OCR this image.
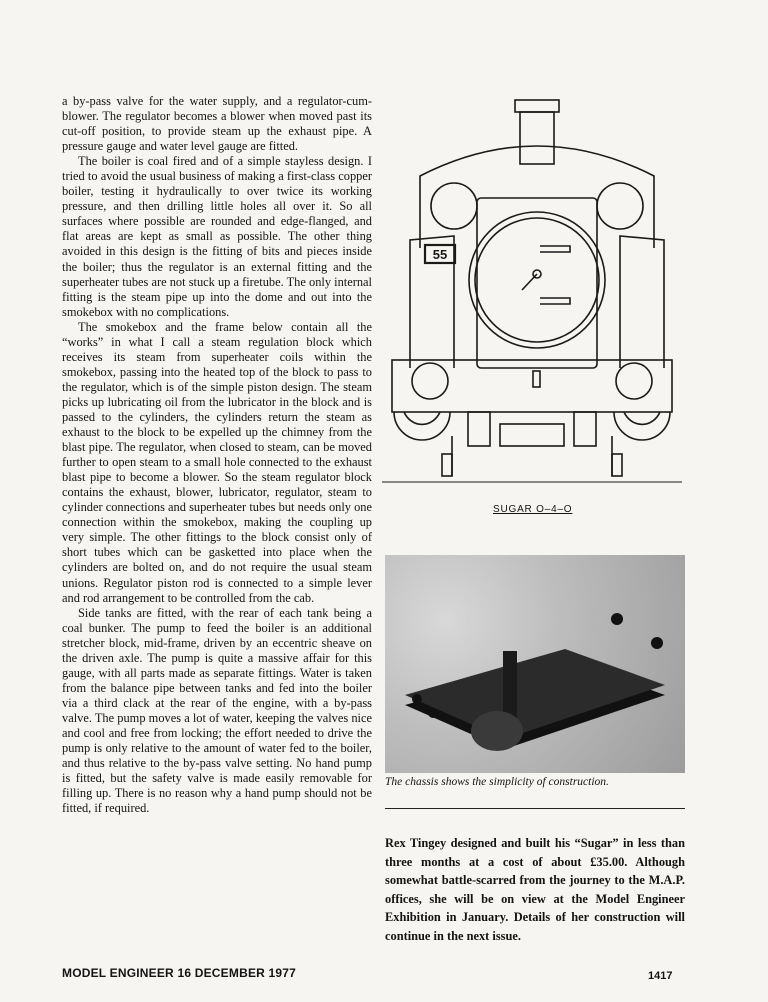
a by-pass valve for the water supply, and a regulator-cum-blower. The regulator becomes a blower when moved past its cut-off position, to provide steam up the exhaust pipe. A pressure gauge and water level gauge are fitted.

The boiler is coal fired and of a simple stayless design. I tried to avoid the usual business of making a first-class copper boiler, testing it hydraulically to over twice its working pressure, and then drilling little holes all over it. So all surfaces where possible are rounded and edge-flanged, and flat areas are kept as small as possible. The other thing avoided in this design is the fitting of bits and pieces inside the boiler; thus the regulator is an external fitting and the superheater tubes are not stuck up a firetube. The only internal fitting is the steam pipe up into the dome and out into the smokebox with no complications.

The smokebox and the frame below contain all the “works” in what I call a steam regulation block which receives its steam from superheater coils within the smokebox, passing into the heated top of the block to pass to the regulator, which is of the simple piston design. The steam picks up lubricating oil from the lubricator in the block and is passed to the cylinders, the cylinders return the steam as exhaust to the block to be expelled up the chimney from the blast pipe. The regulator, when closed to steam, can be moved further to open steam to a small hole connected to the exhaust blast pipe to become a blower. So the steam regulator block contains the exhaust, blower, lubricator, regulator, steam to cylinder connections and superheater tubes but needs only one connection within the smokebox, making the coupling up very simple. The other fittings to the block consist only of short tubes which can be gasketted into place when the cylinders are bolted on, and do not require the usual steam unions. Regulator piston rod is connected to a simple lever and rod arrangement to be controlled from the cab.

Side tanks are fitted, with the rear of each tank being a coal bunker. The pump to feed the boiler is an additional stretcher block, mid-frame, driven by an eccentric sheave on the driven axle. The pump is quite a massive affair for this gauge, with all parts made as separate fittings. Water is taken from the balance pipe between tanks and fed into the boiler via a third clack at the rear of the engine, with a by-pass valve. The pump moves a lot of water, keeping the valves nice and cool and free from locking; the effort needed to drive the pump is only relative to the amount of water fed to the boiler, and thus relative to the by-pass valve setting. No hand pump is fitted, but the safety valve is made easily removable for filling up. There is no reason why a hand pump should not be fitted, if required.

55
SUGAR O–4–O
The chassis shows the simplicity of construction.
Rex Tingey designed and built his “Sugar” in less than three months at a cost of about £35.00. Although somewhat battle-scarred from the journey to the M.A.P. offices, she will be on view at the Model Engineer Exhibition in January. Details of her construction will continue in the next issue.
MODEL ENGINEER 16 DECEMBER 1977	1417
